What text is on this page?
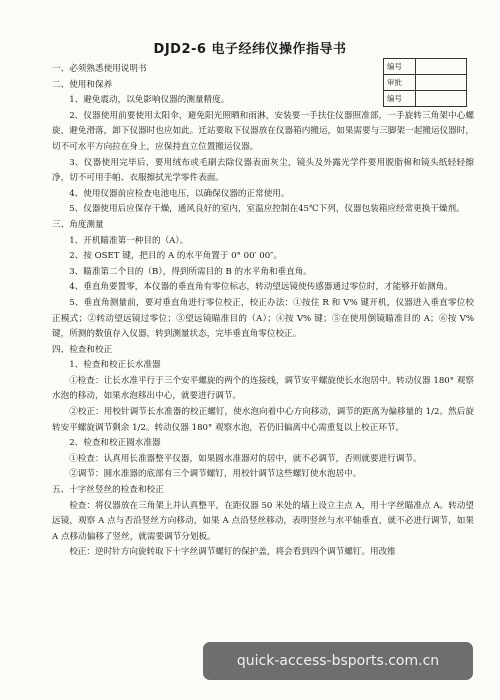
DJD2-6 电子经纬仪操作指导书
编号	
审批	
编号	

一、必须熟悉使用说明书

二、使用和保养

1、避免震动，以免影响仪器的测量精度。

2、仪器使用前要使用太阳伞，避免阳光照晒和雨淋，安装要一手扶住仪器照准部，一手旋转三角架中心螺旋，避免滑落，卸下仪器时也应如此。迁站要取下仪器放在仪器箱内搬运，如果需要与三脚架一起搬运仪器时，切不可水平方向拉在身上，应保持直立位置搬运仪器。

3、仪器使用完毕后，要用绒布或毛刷去除仪器表面灰尘，镜头及外露光学件要用脱脂棉和镜头纸轻轻擦净，切不可用手帕、衣服擦拭光学零件表面。

4、使用仪器前应检查电池电压，以确保仪器的正常使用。

5、仪器使用后应保存干燥，通风良好的室内，室温应控制在45℃下列，仪器包装箱应经常更换干燥剂。

三、角度测量

1、开机瞄准第一种目的（A）。

2、按 OSET 键，把目的 A 的水平角置于 0° 00′ 00″。

3、瞄准第二个目的（B），得到所需目的 B 的水平角和垂直角。

4、垂直角要置零，本仪器的垂直角有零位标志，转动望远镜使传感器通过零位时，才能够开始测角。

5、垂直角测量前，要对垂直角进行零位校正，校正办法：①按住 R 和 V% 键开机，仪器进入垂直零位校正模式；②转动望远镜过零位；③望远镜瞄准目的（A）；④按 V% 键；⑤在使用倒镜瞄准目的 A；⑥按 V% 键，所测的数值存入仪器，转到测量状态，完毕垂直角零位校正。

四、检查和校正

1、检查和校正长水准器

①检查：让长水准平行于三个安平螺旋的两个的连接线，调节安平螺旋使长水泡居中。转动仪器 180° 观察水泡的移动，如果水泡移出中心，就要进行调节。

②校正：用校针调节长水准器的校正螺钉，使水泡向着中心方向移动，调节的距离为偏移量的 1/2。然后旋转安平螺旋调节剩余 1/2。转动仪器 180° 观察水泡，若仍旧偏离中心需重复以上校正环节。

2、检查和校正圆水准器

①检查：认真用长准器整平仪器，如果圆水准器对的居中，就不必调节，否则就要进行调节。

②调节：圆水准器的底部有三个调节螺钉，用校针调节这些螺钉使水泡居中。

五、十字丝竖丝的检查和校正

检查：将仪器放在三角架上并认真整平，在距仪器 50 米处的墙上设立主点 A，用十字丝瞄准点 A。转动望远镜，观察 A 点与否沿竖丝方向移动，如果 A 点沿竖丝移动，表明竖丝与水平轴垂直，就不必进行调节，如果 A 点移动偏移了竖丝，就需要调节分划板。

校正：逆时针方向旋转取下十字丝调节螺钉的保护盖，将会看到四个调节螺钉。用改锥

quick-access-bsports.com.cn
